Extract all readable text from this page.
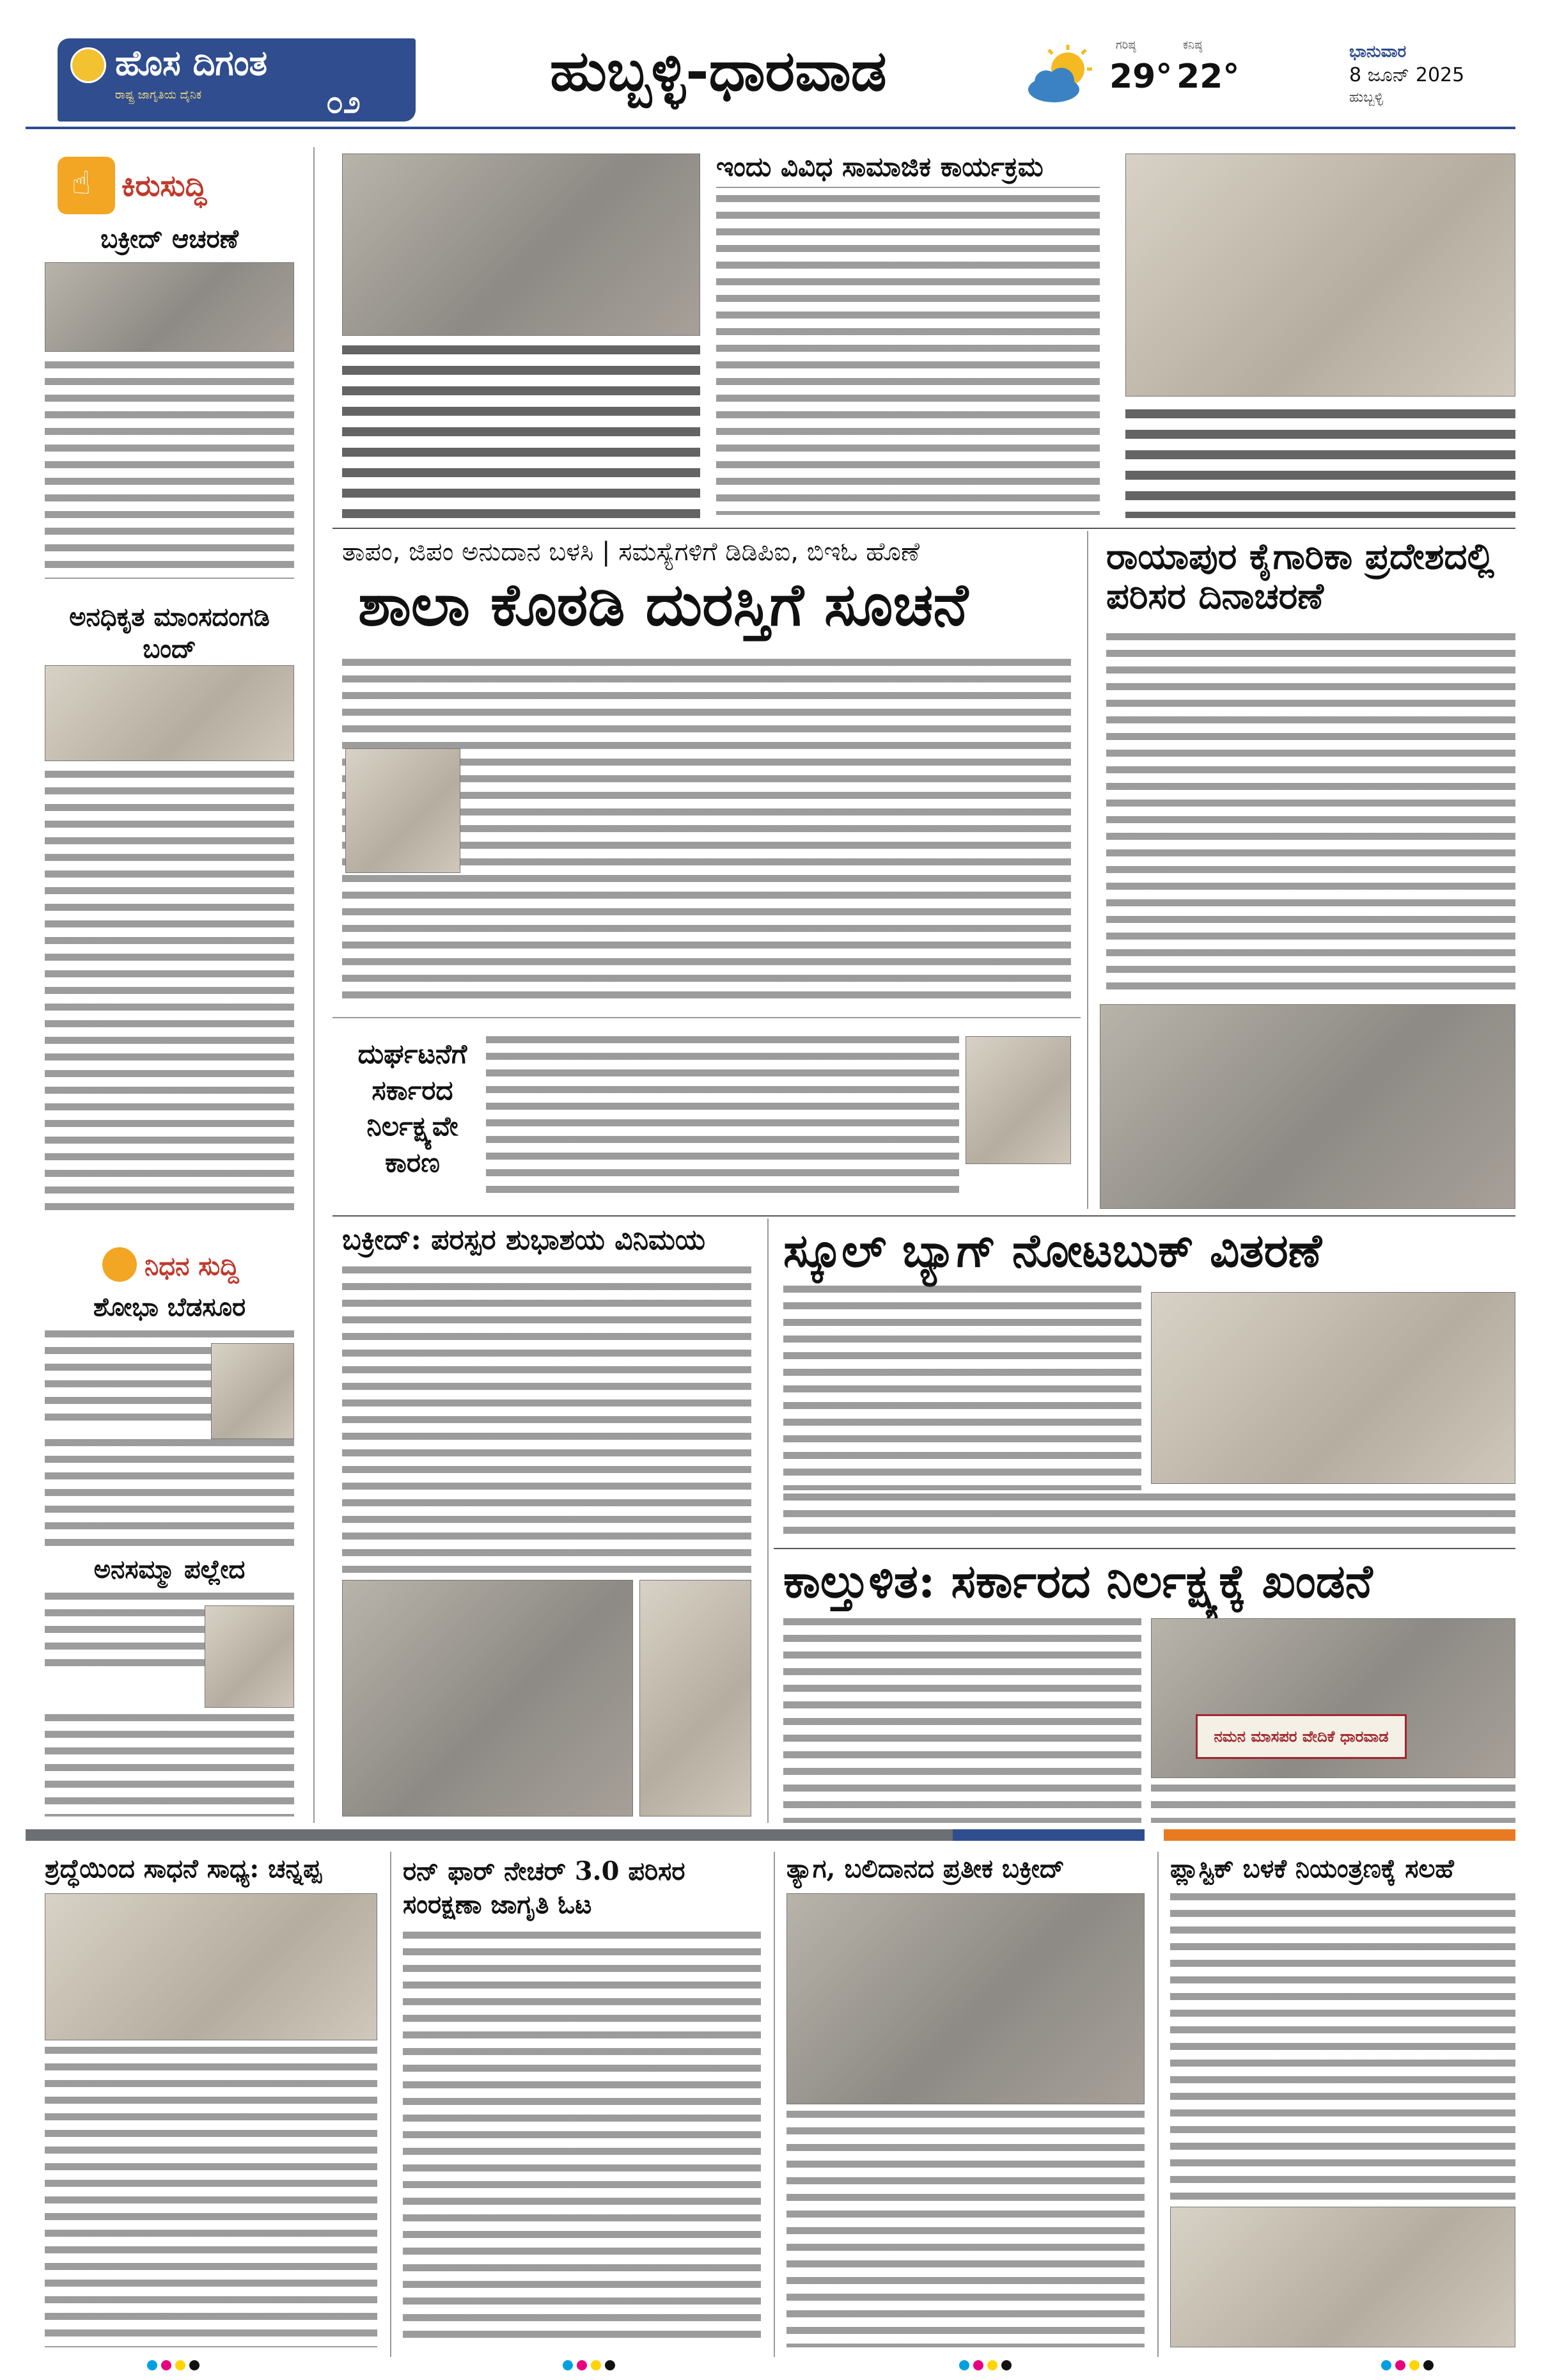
ಹೊಸ ದಿಗಂತ
ರಾಷ್ಟ್ರ ಜಾಗೃತಿಯ ದೈನಿಕ	೦೨	ಹುಬ್ಬಳ್ಳಿ-ಧಾರವಾಡ	ಗರಿಷ್ಠ
29°
ಕನಿಷ್ಠ
22°
ಭಾನುವಾರ
8 ಜೂನ್ 2025
ಹುಬ್ಬಳ್ಳಿ
☝ ಕಿರುಸುದ್ಧಿ
ಬಕ್ರೀದ್ ಆಚರಣೆ
ಅನಧಿಕೃತ ಮಾಂಸದಂಗಡಿ ಬಂದ್
ನಿಧನ ಸುದ್ದಿ
ಶೋಭಾ ಬೆಡಸೂರ
ಅನಸಮ್ಮಾ ಪಲ್ಲೇದ
ಇಂದು ವಿವಿಧ ಸಾಮಾಜಿಕ ಕಾರ್ಯಕ್ರಮ
ತಾಪಂ, ಜಿಪಂ ಅನುದಾನ ಬಳಸಿ | ಸಮಸ್ಯೆಗಳಿಗೆ ಡಿಡಿಪಿಐ, ಬಿಇಓ ಹೊಣೆ
ಶಾಲಾ ಕೊಠಡಿ ದುರಸ್ತಿಗೆ ಸೂಚನೆ
ರಾಯಾಪುರ ಕೈಗಾರಿಕಾ ಪ್ರದೇಶದಲ್ಲಿ ಪರಿಸರ ದಿನಾಚರಣೆ
ದುರ್ಘಟನೆಗೆ ಸರ್ಕಾರದ ನಿರ್ಲಕ್ಷ್ಯವೇ ಕಾರಣ
ಬಕ್ರೀದ್: ಪರಸ್ಪರ ಶುಭಾಶಯ ವಿನಿಮಯ ಸ್ಕೂಲ್ ಬ್ಯಾಗ್ ನೋಟಬುಕ್ ವಿತರಣೆ
ಕಾಲ್ತುಳಿತ: ಸರ್ಕಾರದ ನಿರ್ಲಕ್ಷ್ಯಕ್ಕೆ ಖಂಡನೆ
ನಮನ ಮಾಸಪರ ವೇದಿಕೆ ಧಾರವಾಡ
ಶ್ರದ್ಧೆಯಿಂದ ಸಾಧನೆ ಸಾಧ್ಯ: ಚನ್ನಪ್ಪ	ರನ್ ಫಾರ್ ನೇಚರ್ 3.0 ಪರಿಸರ ಸಂರಕ್ಷಣಾ ಜಾಗೃತಿ ಓಟ
ತ್ಯಾಗ, ಬಲಿದಾನದ ಪ್ರತೀಕ ಬಕ್ರೀದ್	ಪ್ಲಾಸ್ಟಿಕ್ ಬಳಕೆ ನಿಯಂತ್ರಣಕ್ಕೆ ಸಲಹೆ
